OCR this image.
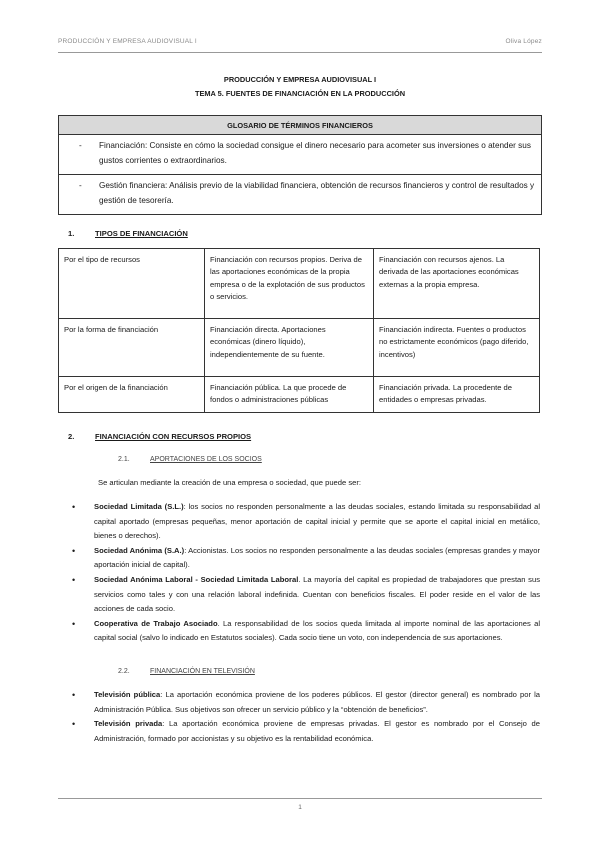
PRODUCCIÓN Y EMPRESA AUDIOVISUAL I	Oliva López
PRODUCCIÓN Y EMPRESA AUDIOVISUAL I
TEMA 5. FUENTES DE FINANCIACIÓN EN LA PRODUCCIÓN
GLOSARIO DE TÉRMINOS FINANCIEROS
-	Financiación: Consiste en cómo la sociedad consigue el dinero necesario para acometer sus inversiones o atender sus gustos corrientes o extraordinarios.
-	Gestión financiera: Análisis previo de la viabilidad financiera, obtención de recursos financieros y control de resultados y gestión de tesorería.
1.	TIPOS DE FINANCIACIÓN
Por el tipo de recursos	Financiación con recursos propios. Deriva de las aportaciones económicas de la propia empresa o de la explotación de sus productos o servicios.	Financiación con recursos ajenos. La derivada de las aportaciones económicas externas a la propia empresa.
Por la forma de financiación	Financiación directa. Aportaciones económicas (dinero líquido), independientemente de su fuente.	Financiación indirecta. Fuentes o productos no estrictamente económicos (pago diferido, incentivos)
Por el origen de la financiación	Financiación pública. La que procede de fondos o administraciones públicas	Financiación privada. La procedente de entidades o empresas privadas.
2.	FINANCIACIÓN CON RECURSOS PROPIOS
2.1.	APORTACIONES DE LOS SOCIOS
Se articulan mediante la creación de una empresa o sociedad, que puede ser:
• Sociedad Limitada (S.L.): los socios no responden personalmente a las deudas sociales, estando limitada su responsabilidad al capital aportado (empresas pequeñas, menor aportación de capital inicial y permite que se aporte el capital inicial en metálico, bienes o derechos).
• Sociedad Anónima (S.A.): Accionistas. Los socios no responden personalmente a las deudas sociales (empresas grandes y mayor aportación inicial de capital).
• Sociedad Anónima Laboral - Sociedad Limitada Laboral. La mayoría del capital es propiedad de trabajadores que prestan sus servicios como tales y con una relación laboral indefinida. Cuentan con beneficios fiscales. El poder reside en el valor de las acciones de cada socio.
• Cooperativa de Trabajo Asociado. La responsabilidad de los socios queda limitada al importe nominal de las aportaciones al capital social (salvo lo indicado en Estatutos sociales). Cada socio tiene un voto, con independencia de sus aportaciones.
2.2.	FINANCIACIÓN EN TELEVISIÓN
• Televisión pública: La aportación económica proviene de los poderes públicos. El gestor (director general) es nombrado por la Administración Pública. Sus objetivos son ofrecer un servicio público y la “obtención de beneficios”.
• Televisión privada: La aportación económica proviene de empresas privadas. El gestor es nombrado por el Consejo de Administración, formado por accionistas y su objetivo es la rentabilidad económica.
1
